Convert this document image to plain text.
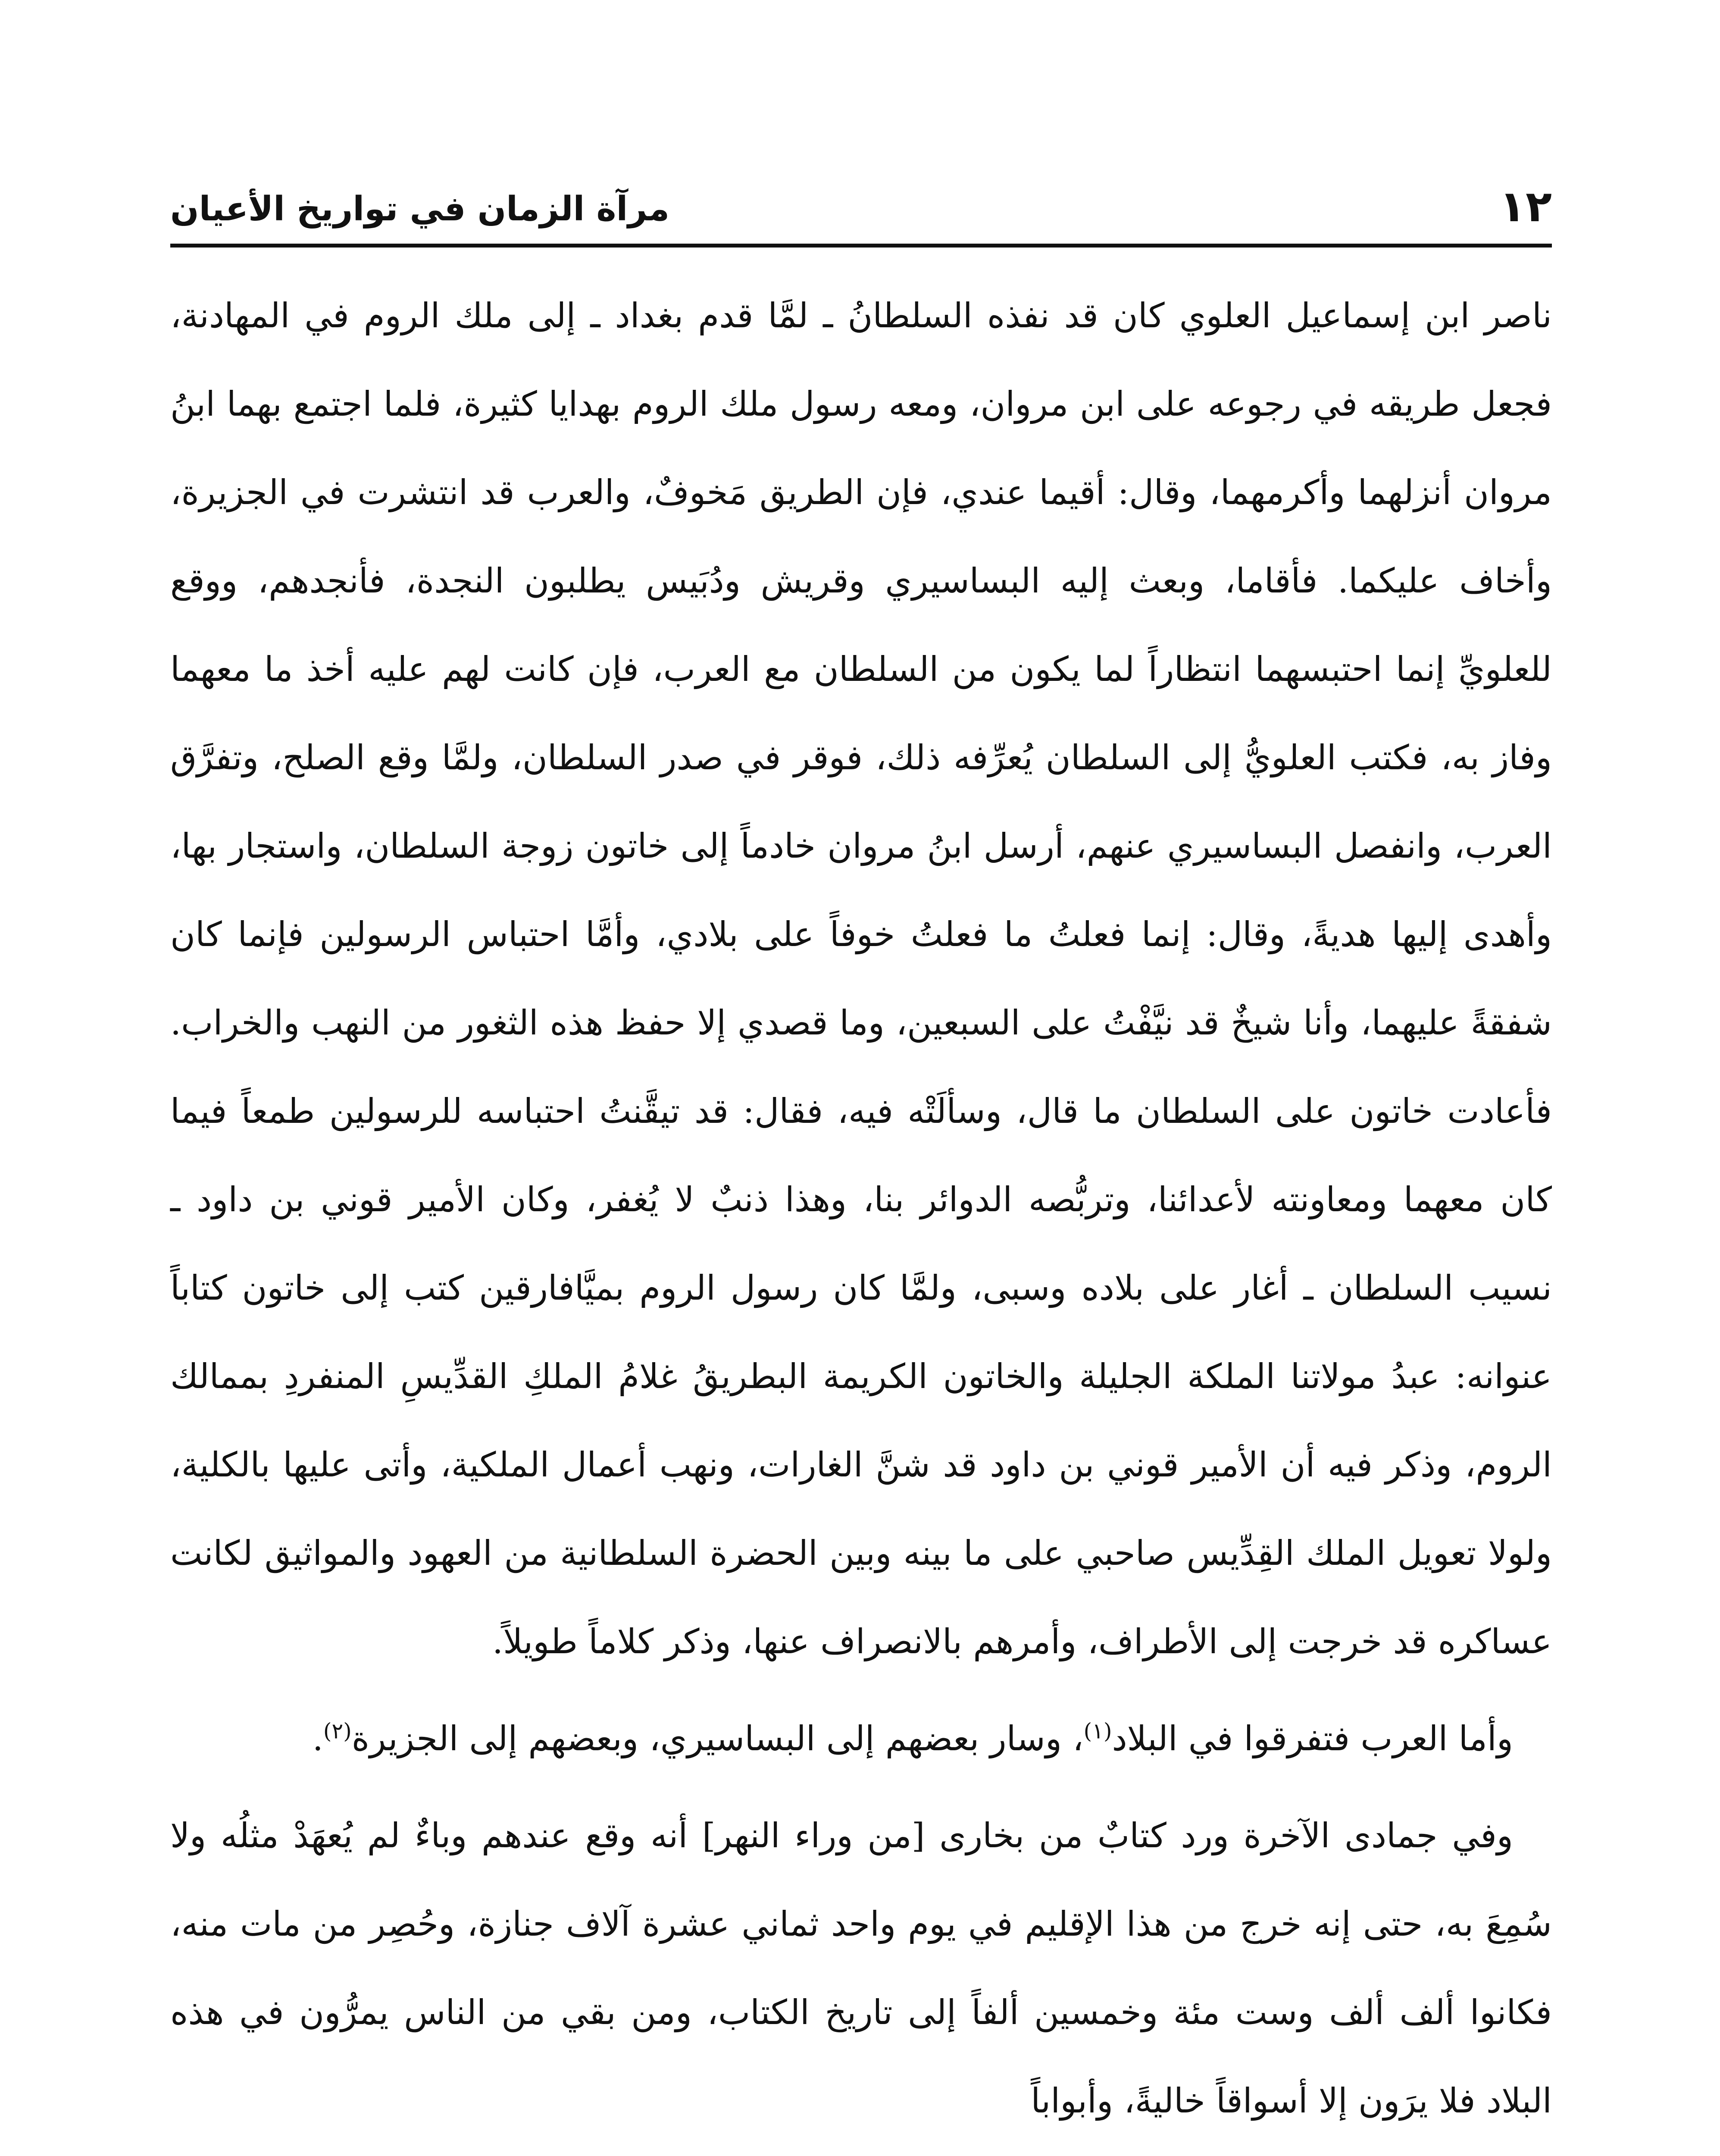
١٢
مرآة الزمان في تواريخ الأعيان

ناصر ابن إسماعيل العلوي كان قد نفذه السلطانُ ـ لمَّا قدم بغداد ـ إلى ملك الروم في المهادنة، فجعل طريقه في رجوعه على ابن مروان، ومعه رسول ملك الروم بهدايا كثيرة، فلما اجتمع بهما ابنُ مروان أنزلهما وأكرمهما، وقال: أقيما عندي، فإن الطريق مَخوفٌ، والعرب قد انتشرت في الجزيرة، وأخاف عليكما. فأقاما، وبعث إليه البساسيري وقريش ودُبَيس يطلبون النجدة، فأنجدهم، ووقع للعلويِّ إنما احتبسهما انتظاراً لما يكون من السلطان مع العرب، فإن كانت لهم عليه أخذ ما معهما وفاز به، فكتب العلويُّ إلى السلطان يُعرِّفه ذلك، فوقر في صدر السلطان، ولمَّا وقع الصلح، وتفرَّق العرب، وانفصل البساسيري عنهم، أرسل ابنُ مروان خادماً إلى خاتون زوجة السلطان، واستجار بها، وأهدى إليها هديةً، وقال: إنما فعلتُ ما فعلتُ خوفاً على بلادي، وأمَّا احتباس الرسولين فإنما كان شفقةً عليهما، وأنا شيخٌ قد نيَّفْتُ على السبعين، وما قصدي إلا حفظ هذه الثغور من النهب والخراب. فأعادت خاتون على السلطان ما قال، وسألَتْه فيه، فقال: قد تيقَّنتُ احتباسه للرسولين طمعاً فيما كان معهما ومعاونته لأعدائنا، وتربُّصه الدوائر بنا، وهذا ذنبٌ لا يُغفر، وكان الأمير قوني بن داود ـ نسيب السلطان ـ أغار على بلاده وسبى، ولمَّا كان رسول الروم بميَّافارقين كتب إلى خاتون كتاباً عنوانه: عبدُ مولاتنا الملكة الجليلة والخاتون الكريمة البطريقُ غلامُ الملكِ القدِّيسِ المنفردِ بممالك الروم، وذكر فيه أن الأمير قوني بن داود قد شنَّ الغارات، ونهب أعمال الملكية، وأتى عليها بالكلية، ولولا تعويل الملك القِدِّيس صاحبي على ما بينه وبين الحضرة السلطانية من العهود والمواثيق لكانت عساكره قد خرجت إلى الأطراف، وأمرهم بالانصراف عنها، وذكر كلاماً طويلاً.

وأما العرب فتفرقوا في البلاد$^{(١)}$، وسار بعضهم إلى البساسيري، وبعضهم إلى الجزيرة$^{(٢)}$.

وفي جمادى الآخرة ورد كتابٌ من بخارى [من وراء النهر] أنه وقع عندهم وباءٌ لم يُعهَدْ مثلُه ولا سُمِعَ به، حتى إنه خرج من هذا الإقليم في يوم واحد ثماني عشرة آلاف جنازة، وحُصِر من مات منه، فكانوا ألف ألف وست مئة وخمسين ألفاً إلى تاريخ الكتاب، ومن بقي من الناس يمرُّون في هذه البلاد فلا يرَون إلا أسواقاً خاليةً، وأبواباً
